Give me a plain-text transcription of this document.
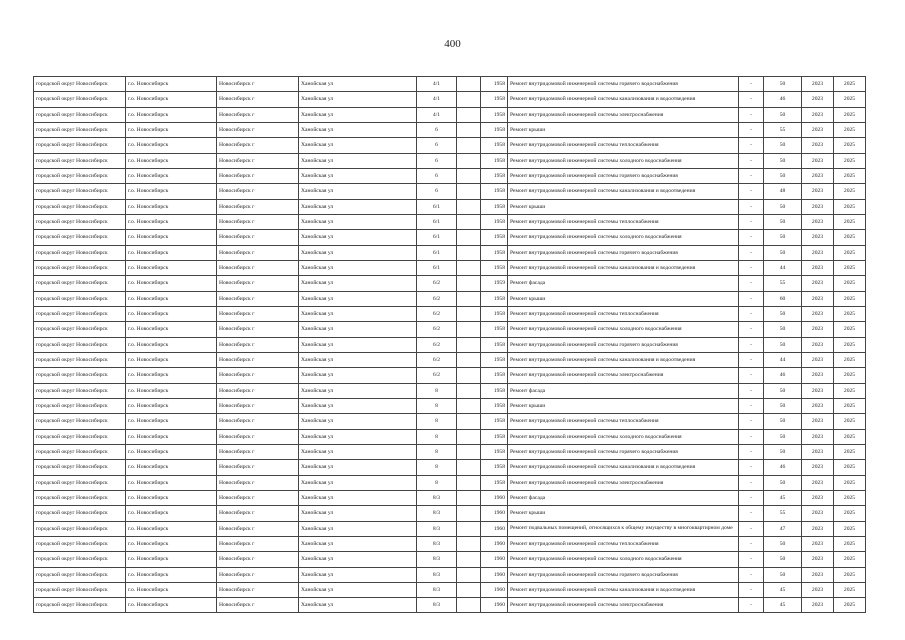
400
городской округ Новосибирск	г.о. Новосибирск	Новосибирск г	Ханойская ул	4/1		1958	Ремонт внутридомовой инженерной системы горячего водоснабжения	-	50	2023	2025
городской округ Новосибирск	г.о. Новосибирск	Новосибирск г	Ханойская ул	4/1		1958	Ремонт внутридомовой инженерной системы канализования и водоотведения	-	46	2023	2025
городской округ Новосибирск	г.о. Новосибирск	Новосибирск г	Ханойская ул	4/1		1958	Ремонт внутридомовой инженерной системы электроснабжения	-	50	2023	2025
городской округ Новосибирск	г.о. Новосибирск	Новосибирск г	Ханойская ул	6		1958	Ремонт крыши	-	55	2023	2025
городской округ Новосибирск	г.о. Новосибирск	Новосибирск г	Ханойская ул	6		1958	Ремонт внутридомовой инженерной системы теплоснабжения	-	50	2023	2025
городской округ Новосибирск	г.о. Новосибирск	Новосибирск г	Ханойская ул	6		1958	Ремонт внутридомовой инженерной системы холодного водоснабжения	-	50	2023	2025
городской округ Новосибирск	г.о. Новосибирск	Новосибирск г	Ханойская ул	6		1958	Ремонт внутридомовой инженерной системы горячего водоснабжения	-	50	2023	2025
городской округ Новосибирск	г.о. Новосибирск	Новосибирск г	Ханойская ул	6		1958	Ремонт внутридомовой инженерной системы канализования и водоотведения	-	48	2023	2025
городской округ Новосибирск	г.о. Новосибирск	Новосибирск г	Ханойская ул	6/1		1958	Ремонт крыши	-	50	2023	2025
городской округ Новосибирск	г.о. Новосибирск	Новосибирск г	Ханойская ул	6/1		1958	Ремонт внутридомовой инженерной системы теплоснабжения	-	50	2023	2025
городской округ Новосибирск	г.о. Новосибирск	Новосибирск г	Ханойская ул	6/1		1958	Ремонт внутридомовой инженерной системы холодного водоснабжения	-	50	2023	2025
городской округ Новосибирск	г.о. Новосибирск	Новосибирск г	Ханойская ул	6/1		1958	Ремонт внутридомовой инженерной системы горячего водоснабжения	-	50	2023	2025
городской округ Новосибирск	г.о. Новосибирск	Новосибирск г	Ханойская ул	6/1		1958	Ремонт внутридомовой инженерной системы канализования и водоотведения	-	44	2023	2025
городской округ Новосибирск	г.о. Новосибирск	Новосибирск г	Ханойская ул	6/2		1959	Ремонт фасада	-	55	2023	2025
городской округ Новосибирск	г.о. Новосибирск	Новосибирск г	Ханойская ул	6/2		1958	Ремонт крыши	-	60	2023	2025
городской округ Новосибирск	г.о. Новосибирск	Новосибирск г	Ханойская ул	6/2		1958	Ремонт внутридомовой инженерной системы теплоснабжения	-	50	2023	2025
городской округ Новосибирск	г.о. Новосибирск	Новосибирск г	Ханойская ул	6/2		1958	Ремонт внутридомовой инженерной системы холодного водоснабжения	-	50	2023	2025
городской округ Новосибирск	г.о. Новосибирск	Новосибирск г	Ханойская ул	6/2		1958	Ремонт внутридомовой инженерной системы горячего водоснабжения	-	50	2023	2025
городской округ Новосибирск	г.о. Новосибирск	Новосибирск г	Ханойская ул	6/2		1958	Ремонт внутридомовой инженерной системы канализования и водоотведения	-	44	2023	2025
городской округ Новосибирск	г.о. Новосибирск	Новосибирск г	Ханойская ул	6/2		1958	Ремонт внутридомовой инженерной системы электроснабжения	-	46	2023	2025
городской округ Новосибирск	г.о. Новосибирск	Новосибирск г	Ханойская ул	8		1958	Ремонт фасада	-	50	2023	2025
городской округ Новосибирск	г.о. Новосибирск	Новосибирск г	Ханойская ул	8		1958	Ремонт крыши	-	50	2023	2025
городской округ Новосибирск	г.о. Новосибирск	Новосибирск г	Ханойская ул	8		1958	Ремонт внутридомовой инженерной системы теплоснабжения	-	50	2023	2025
городской округ Новосибирск	г.о. Новосибирск	Новосибирск г	Ханойская ул	8		1958	Ремонт внутридомовой инженерной системы холодного водоснабжения	-	50	2023	2025
городской округ Новосибирск	г.о. Новосибирск	Новосибирск г	Ханойская ул	8		1958	Ремонт внутридомовой инженерной системы горячего водоснабжения	-	50	2023	2025
городской округ Новосибирск	г.о. Новосибирск	Новосибирск г	Ханойская ул	8		1958	Ремонт внутридомовой инженерной системы канализования и водоотведения	-	46	2023	2025
городской округ Новосибирск	г.о. Новосибирск	Новосибирск г	Ханойская ул	8		1958	Ремонт внутридомовой инженерной системы электроснабжения	-	50	2023	2025
городской округ Новосибирск	г.о. Новосибирск	Новосибирск г	Ханойская ул	8/3		1960	Ремонт фасада	-	45	2023	2025
городской округ Новосибирск	г.о. Новосибирск	Новосибирск г	Ханойская ул	8/3		1960	Ремонт крыши	-	55	2023	2025
городской округ Новосибирск	г.о. Новосибирск	Новосибирск г	Ханойская ул	8/3		1960	Ремонт подвальных помещений, относящихся к общему имуществу в многоквартирном доме	-	47	2023	2025
городской округ Новосибирск	г.о. Новосибирск	Новосибирск г	Ханойская ул	8/3		1960	Ремонт внутридомовой инженерной системы теплоснабжения	-	50	2023	2025
городской округ Новосибирск	г.о. Новосибирск	Новосибирск г	Ханойская ул	8/3		1960	Ремонт внутридомовой инженерной системы холодного водоснабжения	-	50	2023	2025
городской округ Новосибирск	г.о. Новосибирск	Новосибирск г	Ханойская ул	8/3		1960	Ремонт внутридомовой инженерной системы горячего водоснабжения	-	50	2023	2025
городской округ Новосибирск	г.о. Новосибирск	Новосибирск г	Ханойская ул	8/3		1960	Ремонт внутридомовой инженерной системы канализования и водоотведения	-	45	2023	2025
городской округ Новосибирск	г.о. Новосибирск	Новосибирск г	Ханойская ул	8/3		1960	Ремонт внутридомовой инженерной системы электроснабжения	-	45	2023	2025
